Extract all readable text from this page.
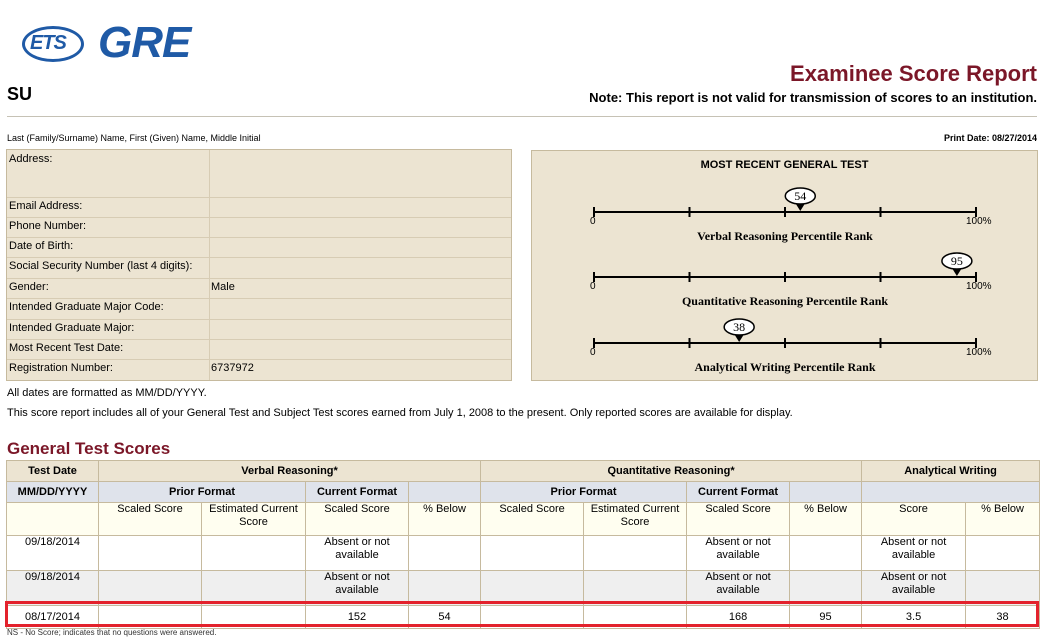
ETS GRE
SU
Examinee Score Report
Note: This report is not valid for transmission of scores to an institution.
Last (Family/Surname) Name, First (Given) Name, Middle Initial	Print Date: 08/27/2014
Address:
Email Address:
Phone Number:
Date of Birth:
Social Security Number (last 4 digits):
Gender:	Male
Intended Graduate Major Code:
Intended Graduate Major:
Most Recent Test Date:
Registration Number:	6737972
MOST RECENT GENERAL TEST
0	100%
Verbal Reasoning Percentile Rank
54
0	100%
Quantitative Reasoning Percentile Rank
95
0	100%
Analytical Writing Percentile Rank
38
All dates are formatted as MM/DD/YYYY.
This score report includes all of your General Test and Subject Test scores earned from July 1, 2008 to the present. Only reported scores are available for display.
General Test Scores
Test Date	Verbal Reasoning*				Quantitative Reasoning*				Analytical Writing	
MM/DD/YYYY	Prior Format		Current Format		Prior Format		Current Format			
	Scaled Score	Estimated Current Score	Scaled Score	% Below	Scaled Score	Estimated Current Score	Scaled Score	% Below	Score	% Below
09/18/2014			Absent or not available				Absent or not available		Absent or not available	
09/18/2014			Absent or not available				Absent or not available		Absent or not available	
08/17/2014			152	54			168	95	3.5	38
NS - No Score; indicates that no questions were answered.
